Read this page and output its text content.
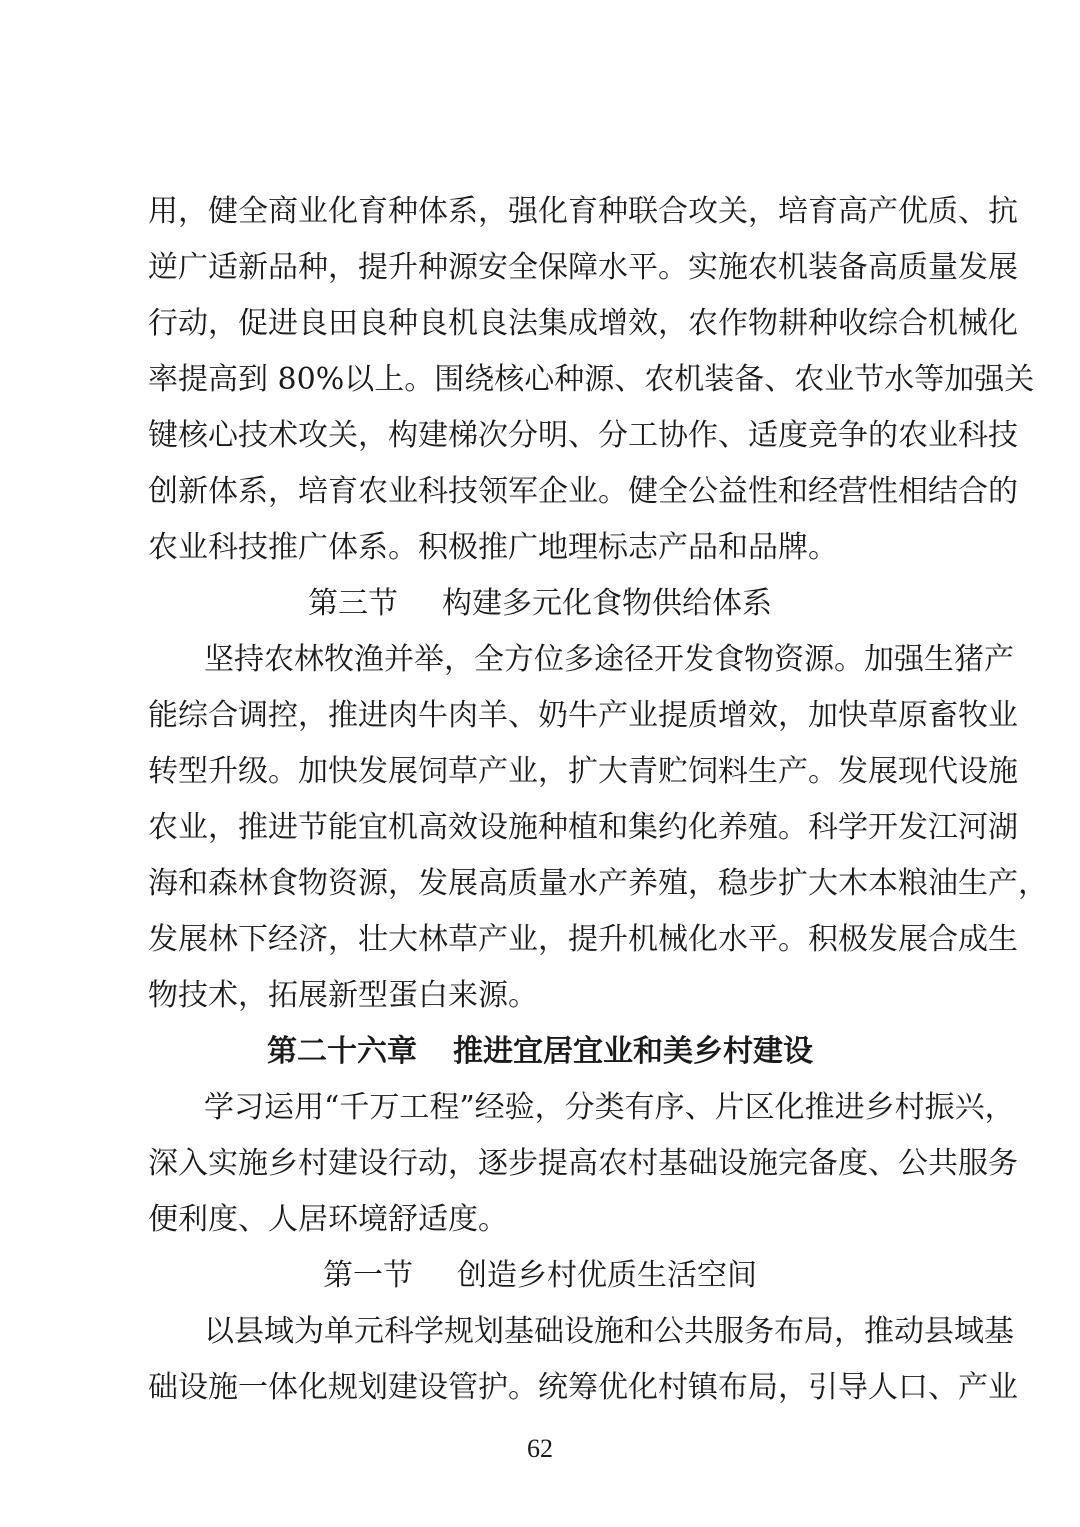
用，健全商业化育种体系，强化育种联合攻关，培育高产优质、抗
逆广适新品种，提升种源安全保障水平。实施农机装备高质量发展
行动，促进良田良种良机良法集成增效，农作物耕种收综合机械化
率提高到 80%以上。围绕核心种源、农机装备、农业节水等加强关
键核心技术攻关，构建梯次分明、分工协作、适度竞争的农业科技
创新体系，培育农业科技领军企业。健全公益性和经营性相结合的
农业科技推广体系。积极推广地理标志产品和品牌。
第三节 构建多元化食物供给体系
坚持农林牧渔并举，全方位多途径开发食物资源。加强生猪产
能综合调控，推进肉牛肉羊、奶牛产业提质增效，加快草原畜牧业
转型升级。加快发展饲草产业，扩大青贮饲料生产。发展现代设施
农业，推进节能宜机高效设施种植和集约化养殖。科学开发江河湖
海和森林食物资源，发展高质量水产养殖，稳步扩大木本粮油生产，
发展林下经济，壮大林草产业，提升机械化水平。积极发展合成生
物技术，拓展新型蛋白来源。
第二十六章 推进宜居宜业和美乡村建设
学习运用“千万工程”经验，分类有序、片区化推进乡村振兴，
深入实施乡村建设行动，逐步提高农村基础设施完备度、公共服务
便利度、人居环境舒适度。
第一节 创造乡村优质生活空间
以县域为单元科学规划基础设施和公共服务布局，推动县域基
础设施一体化规划建设管护。统筹优化村镇布局，引导人口、产业
62
